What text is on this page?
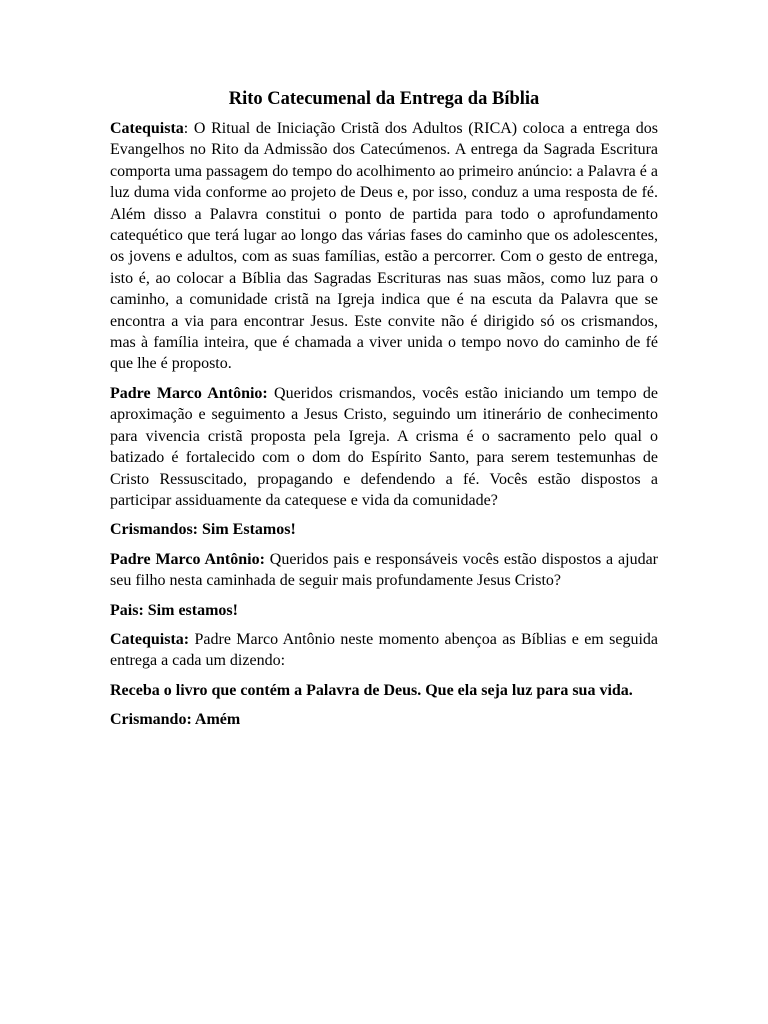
Rito Catecumenal da Entrega da Bíblia

Catequista: O Ritual de Iniciação Cristã dos Adultos (RICA) coloca a entrega dos Evangelhos no Rito da Admissão dos Catecúmenos. A entrega da Sagrada Escritura comporta uma passagem do tempo do acolhimento ao primeiro anúncio: a Palavra é a luz duma vida conforme ao projeto de Deus e, por isso, conduz a uma resposta de fé. Além disso a Palavra constitui o ponto de partida para todo o aprofundamento catequético que terá lugar ao longo das várias fases do caminho que os adolescentes, os jovens e adultos, com as suas famílias, estão a percorrer. Com o gesto de entrega, isto é, ao colocar a Bíblia das Sagradas Escrituras nas suas mãos, como luz para o caminho, a comunidade cristã na Igreja indica que é na escuta da Palavra que se encontra a via para encontrar Jesus. Este convite não é dirigido só os crismandos, mas à família inteira, que é chamada a viver unida o tempo novo do caminho de fé que lhe é proposto.

Padre Marco Antônio: Queridos crismandos, vocês estão iniciando um tempo de aproximação e seguimento a Jesus Cristo, seguindo um itinerário de conhecimento para vivencia cristã proposta pela Igreja. A crisma é o sacramento pelo qual o batizado é fortalecido com o dom do Espírito Santo, para serem testemunhas de Cristo Ressuscitado, propagando e defendendo a fé. Vocês estão dispostos a participar assiduamente da catequese e vida da comunidade?

Crismandos: Sim Estamos!

Padre Marco Antônio: Queridos pais e responsáveis vocês estão dispostos a ajudar seu filho nesta caminhada de seguir mais profundamente Jesus Cristo?

Pais: Sim estamos!

Catequista: Padre Marco Antônio neste momento abençoa as Bíblias e em seguida entrega a cada um dizendo:

Receba o livro que contém a Palavra de Deus. Que ela seja luz para sua vida.

Crismando: Amém
